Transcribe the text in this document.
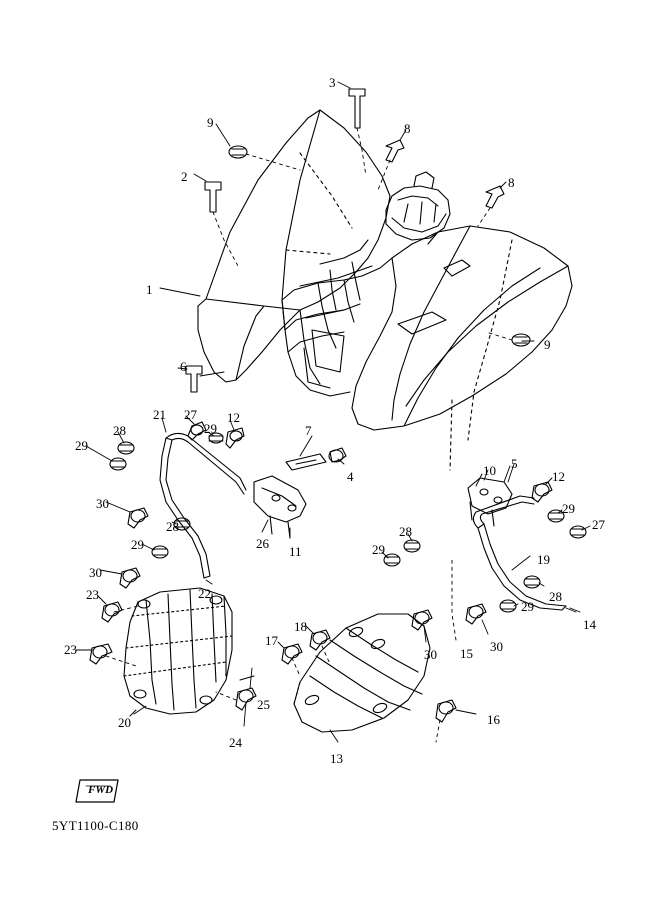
FWD
5YT1100-C180
1
2
3
4
5
6
7
8
8
9
9
10
11
12
12
13
14
15
16
17
18
19
20
21
22
23
23
24
25
26
27
27
28
28	28
28
29
29
29	29
29
29
30
30
30
30
